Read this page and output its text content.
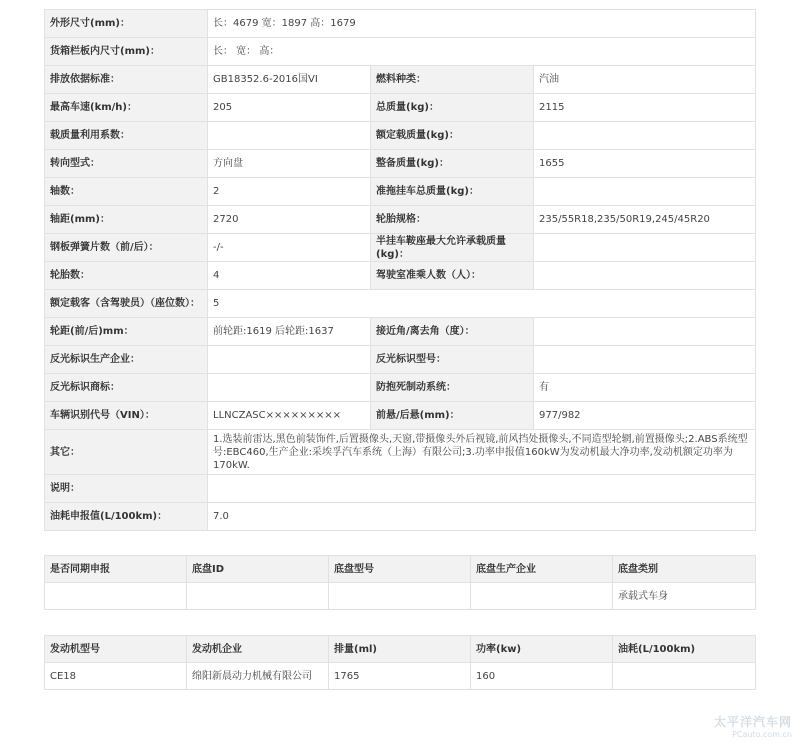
外形尺寸(mm)：	长：4679 宽：1897 高：1679		
货箱栏板内尺寸(mm)：	长： 宽： 高：		
排放依据标准：	GB18352.6-2016国VI	燃料种类：	汽油
最高车速(km/h)：	205	总质量(kg)：	2115
载质量利用系数：		额定载质量(kg)：	
转向型式：	方向盘	整备质量(kg)：	1655
轴数：	2	准拖挂车总质量(kg)：	
轴距(mm)：	2720	轮胎规格：	235/55R18,235/50R19,245/45R20
钢板弹簧片数（前/后）：	-/-	半挂车鞍座最大允许承载质量(kg)：	
轮胎数：	4	驾驶室准乘人数（人）：	
额定载客（含驾驶员）（座位数）：	5		
轮距(前/后)mm：	前轮距:1619 后轮距:1637	接近角/离去角（度）：	
反光标识生产企业：		反光标识型号：	
反光标识商标：		防抱死制动系统：	有
车辆识别代号（VIN）：	LLNCZASC×××××××××	前悬/后悬(mm)：	977/982
其它：	1.选装前雷达,黑色前装饰件,后置摄像头,天窗,带摄像头外后视镜,前风挡处摄像头,不同造型轮辋,前置摄像头;2.ABS系统型号:EBC460,生产企业:采埃孚汽车系统（上海）有限公司;3.功率申报值160kW为发动机最大净功率,发动机额定功率为170kW.		
说明：			
油耗申报值(L/100km)：	7.0		
是否同期申报	底盘ID	底盘型号	底盘生产企业	底盘类别
				承载式车身
发动机型号	发动机企业	排量(ml)	功率(kw)	油耗(L/100km)
CE18	绵阳新晨动力机械有限公司	1765	160	
太平洋汽车网
PCauto.com.cn
